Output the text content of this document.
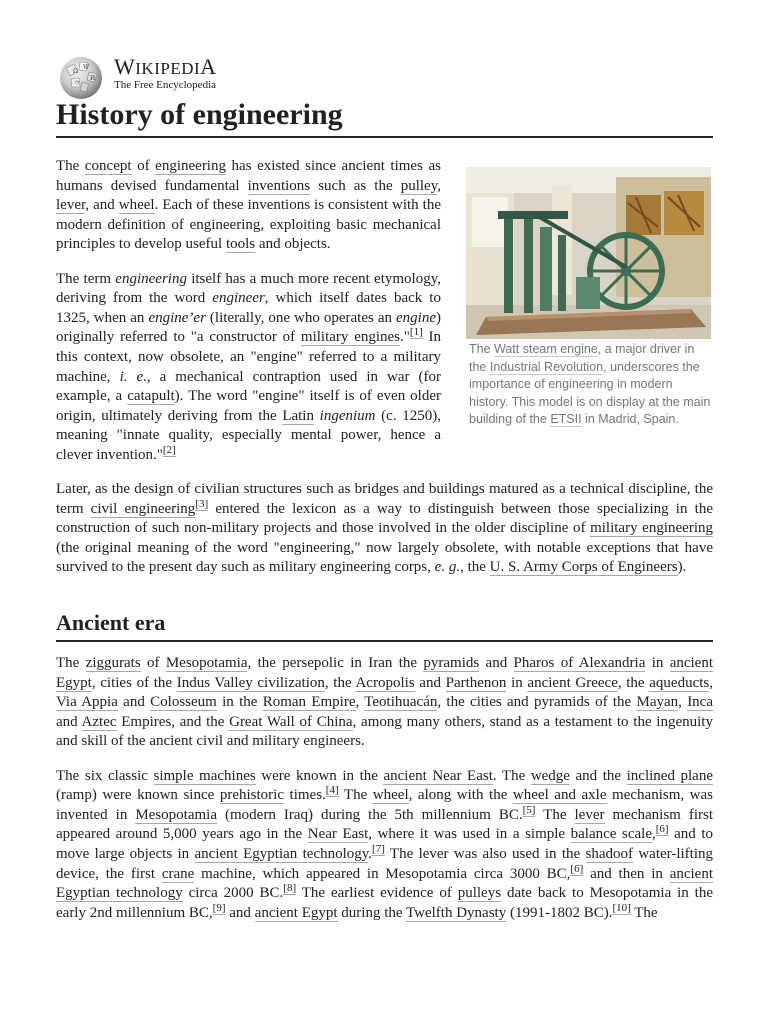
Ω
W
И
ウ
WIKIPEDIA
The Free Encyclopedia
History of engineering
The Watt steam engine, a major driver in the Industrial Revolution, underscores the importance of engineering in modern history. This model is on display at the main building of the ETSII in Madrid, Spain.

The concept of engineering has existed since ancient times as humans devised fundamental inventions such as the pulley, lever, and wheel. Each of these inventions is consistent with the modern definition of engineering, exploiting basic mechanical principles to develop useful tools and objects.

The term engineering itself has a much more recent etymology, deriving from the word engineer, which itself dates back to 1325, when an engine’er (literally, one who operates an engine) originally referred to "a constructor of military engines."[1] In this context, now obsolete, an "engine" referred to a military machine, i. e., a mechanical contraption used in war (for example, a catapult). The word "engine" itself is of even older origin, ultimately deriving from the Latin ingenium (c. 1250), meaning "innate quality, especially mental power, hence a clever invention."[2]

Later, as the design of civilian structures such as bridges and buildings matured as a technical discipline, the term civil engineering[3] entered the lexicon as a way to distinguish between those specializing in the construction of such non-military projects and those involved in the older discipline of military engineering (the original meaning of the word "engineering," now largely obsolete, with notable exceptions that have survived to the present day such as military engineering corps, e. g., the U. S. Army Corps of Engineers).

Ancient era

The ziggurats of Mesopotamia, the persepolic in Iran the pyramids and Pharos of Alexandria in ancient Egypt, cities of the Indus Valley civilization, the Acropolis and Parthenon in ancient Greece, the aqueducts, Via Appia and Colosseum in the Roman Empire, Teotihuacán, the cities and pyramids of the Mayan, Inca and Aztec Empires, and the Great Wall of China, among many others, stand as a testament to the ingenuity and skill of the ancient civil and military engineers.

The six classic simple machines were known in the ancient Near East. The wedge and the inclined plane (ramp) were known since prehistoric times.[4] The wheel, along with the wheel and axle mechanism, was invented in Mesopotamia (modern Iraq) during the 5th millennium BC.[5] The lever mechanism first appeared around 5,000 years ago in the Near East, where it was used in a simple balance scale,[6] and to move large objects in ancient Egyptian technology.[7] The lever was also used in the shadoof water-lifting device, the first crane machine, which appeared in Mesopotamia circa 3000 BC,[6] and then in ancient Egyptian technology circa 2000 BC.[8] The earliest evidence of pulleys date back to Mesopotamia in the early 2nd millennium BC,[9] and ancient Egypt during the Twelfth Dynasty (1991-1802 BC).[10] The
